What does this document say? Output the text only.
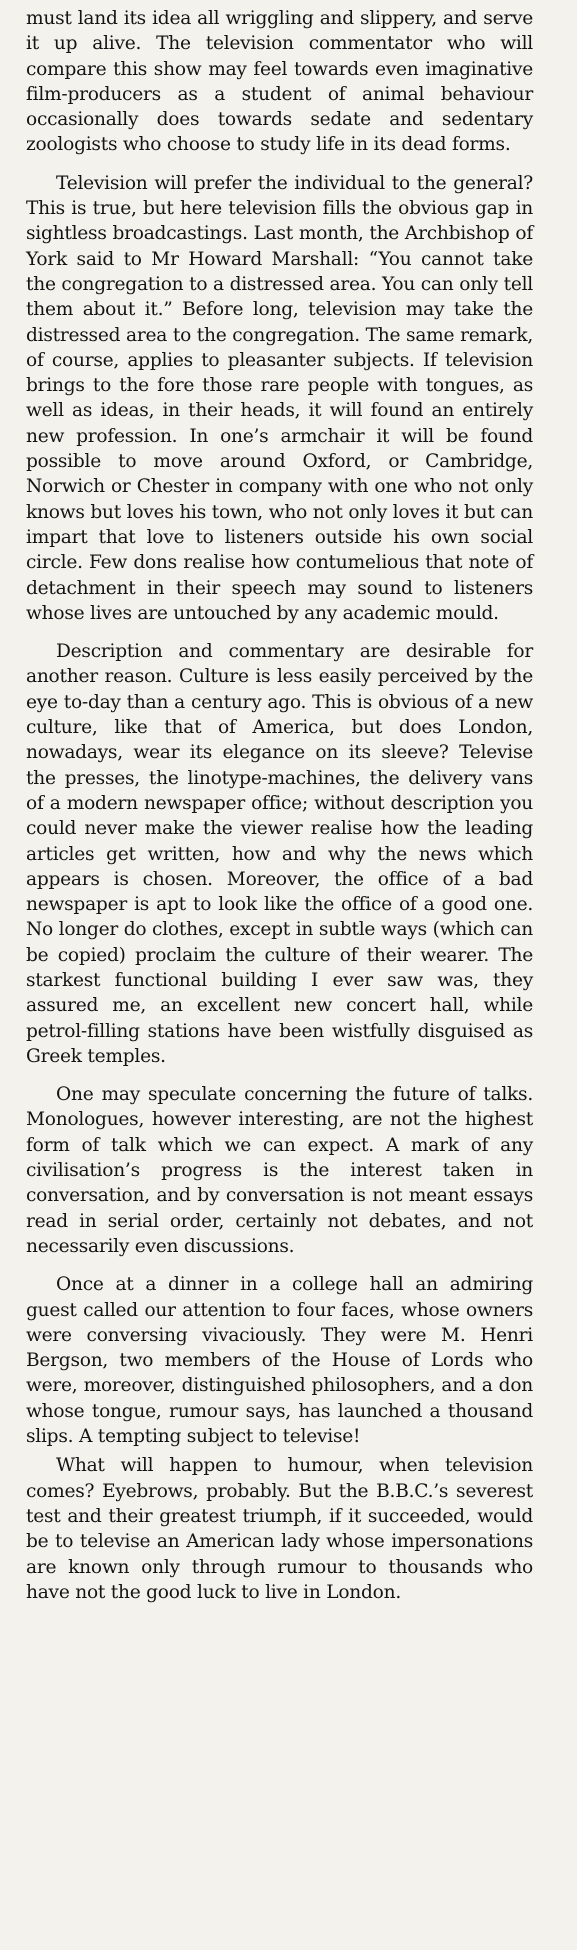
must land its idea all wriggling and slippery, and serve it up alive. The television commentator who will compare this show may feel towards even imaginative film-producers as a student of animal behaviour occasionally does towards sedate and sedentary zoologists who choose to study life in its dead forms.

Television will prefer the individual to the general? This is true, but here television fills the obvious gap in sightless broadcastings. Last month, the Archbishop of York said to Mr Howard Marshall: “You cannot take the congregation to a distressed area. You can only tell them about it.” Before long, television may take the distressed area to the congregation. The same remark, of course, applies to pleasanter subjects. If television brings to the fore those rare people with tongues, as well as ideas, in their heads, it will found an entirely new profession. In one’s armchair it will be found possible to move around Oxford, or Cambridge, Norwich or Chester in company with one who not only knows but loves his town, who not only loves it but can impart that love to listeners outside his own social circle. Few dons realise how contumelious that note of detachment in their speech may sound to listeners whose lives are untouched by any academic mould.

Description and commentary are desirable for another reason. Culture is less easily perceived by the eye to-day than a century ago. This is obvious of a new culture, like that of America, but does London, nowadays, wear its elegance on its sleeve? Televise the presses, the linotype-machines, the delivery vans of a modern newspaper office; without description you could never make the viewer realise how the leading articles get written, how and why the news which appears is chosen. Moreover, the office of a bad newspaper is apt to look like the office of a good one. No longer do clothes, except in subtle ways (which can be copied) proclaim the culture of their wearer. The starkest functional building I ever saw was, they assured me, an excellent new concert hall, while petrol-filling stations have been wistfully disguised as Greek temples.

One may speculate concerning the future of talks. Monologues, however interesting, are not the highest form of talk which we can expect. A mark of any civilisation’s progress is the interest taken in conversation, and by conversation is not meant essays read in serial order, certainly not debates, and not necessarily even discussions.

Once at a dinner in a college hall an admiring guest called our attention to four faces, whose owners were conversing vivaciously. They were M. Henri Bergson, two members of the House of Lords who were, moreover, distinguished philosophers, and a don whose tongue, rumour says, has launched a thousand slips. A tempting subject to televise!

What will happen to humour, when television comes? Eyebrows, probably. But the B.B.C.’s severest test and their greatest triumph, if it succeeded, would be to televise an American lady whose impersonations are known only through rumour to thousands who have not the good luck to live in London.
